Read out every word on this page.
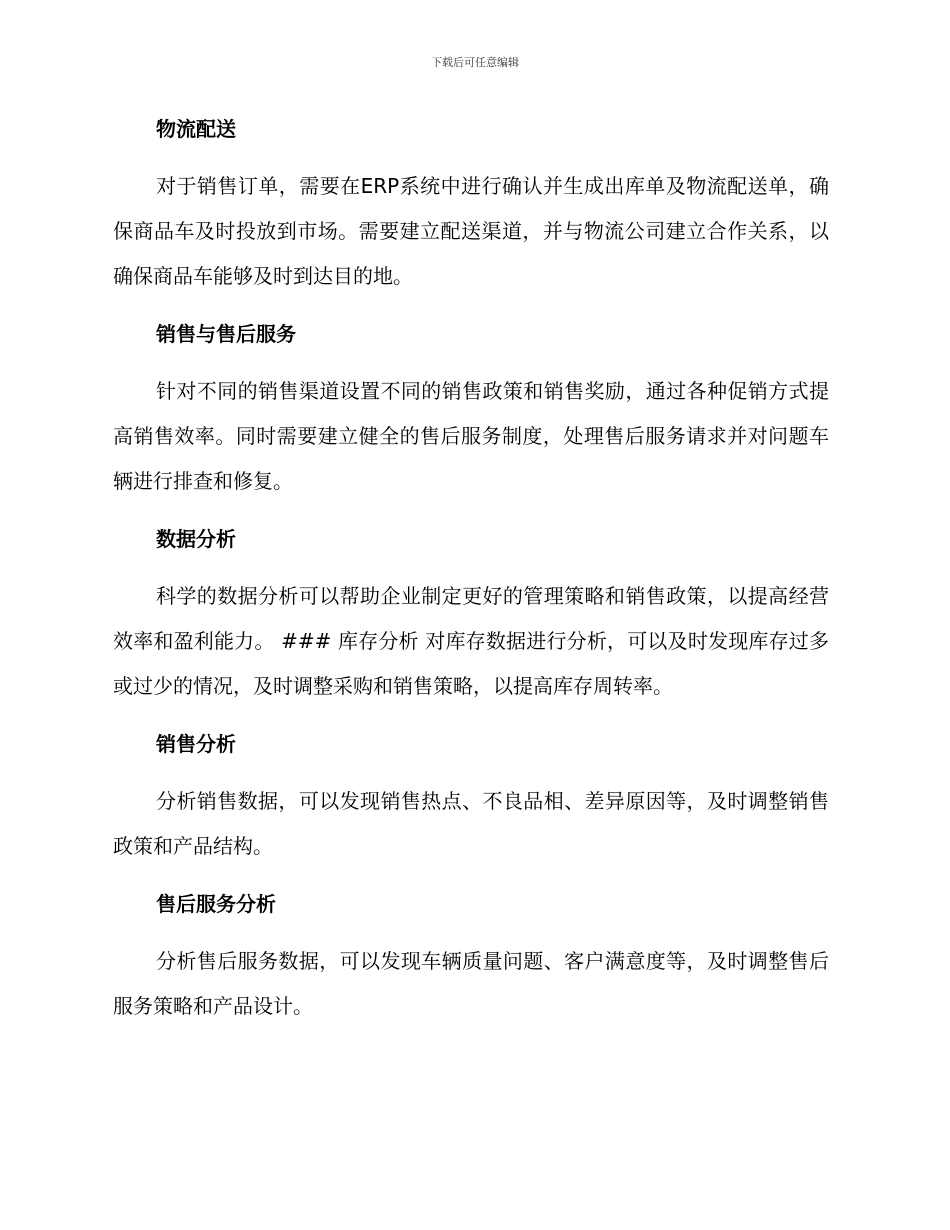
下载后可任意编辑
物流配送

对于销售订单，需要在ERP系统中进行确认并生成出库单及物流配送单，确保商品车及时投放到市场。需要建立配送渠道，并与物流公司建立合作关系，以确保商品车能够及时到达目的地。

销售与售后服务

针对不同的销售渠道设置不同的销售政策和销售奖励，通过各种促销方式提高销售效率。同时需要建立健全的售后服务制度，处理售后服务请求并对问题车辆进行排查和修复。

数据分析

科学的数据分析可以帮助企业制定更好的管理策略和销售政策，以提高经营效率和盈利能力。 ### 库存分析 对库存数据进行分析，可以及时发现库存过多或过少的情况，及时调整采购和销售策略，以提高库存周转率。

销售分析

分析销售数据，可以发现销售热点、不良品相、差异原因等，及时调整销售政策和产品结构。

售后服务分析

分析售后服务数据，可以发现车辆质量问题、客户满意度等，及时调整售后服务策略和产品设计。
